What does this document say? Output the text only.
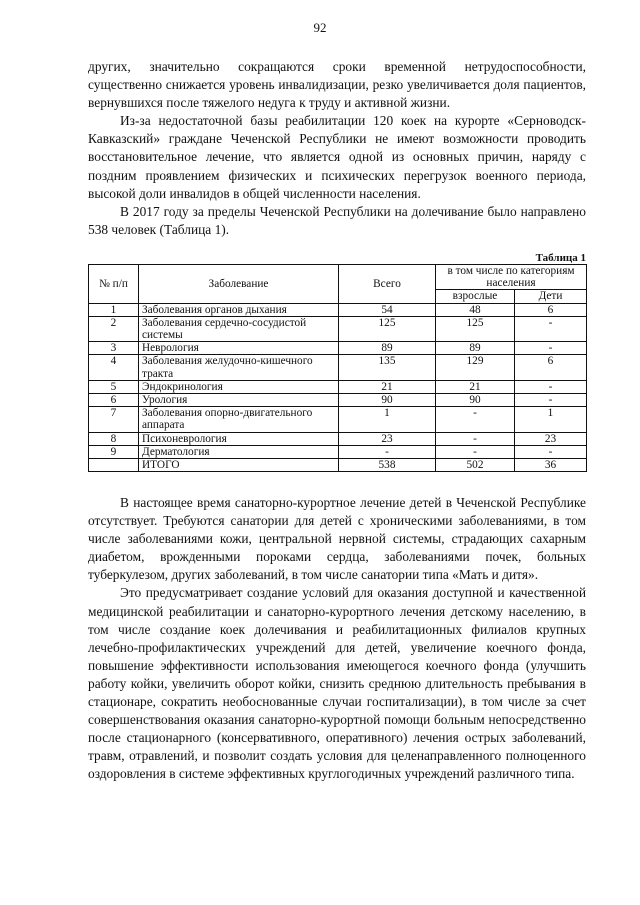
92

других, значительно сокращаются сроки временной нетрудоспособности, существенно снижается уровень инвалидизации, резко увеличивается доля пациентов, вернувшихся после тяжелого недуга к труду и активной жизни.

Из-за недостаточной базы реабилитации 120 коек на курорте «Серноводск-Кавказский» граждане Чеченской Республики не имеют возможности проводить восстановительное лечение, что является одной из основных причин, наряду с поздним проявлением физических и психических перегрузок военного периода, высокой доли инвалидов в общей численности населения.

В 2017 году за пределы Чеченской Республики на долечивание было направлено 538 человек (Таблица 1).

Таблица 1
№ п/п	Заболевание	Всего	в том числе по категориям населения	
			взрослые	Дети
1	Заболевания органов дыхания	54	48	6
2	Заболевания сердечно-сосудистой системы	125	125	-
3	Неврология	89	89	-
4	Заболевания желудочно-кишечного тракта	135	129	6
5	Эндокринология	21	21	-
6	Урология	90	90	-
7	Заболевания опорно-двигательного аппарата	1	-	1
8	Психоневрология	23	-	23
9	Дерматология	-	-	-
	ИТОГО	538	502	36

В настоящее время санаторно-курортное лечение детей в Чеченской Республике отсутствует. Требуются санатории для детей с хроническими заболеваниями, в том числе заболеваниями кожи, центральной нервной системы, страдающих сахарным диабетом, врожденными пороками сердца, заболеваниями почек, больных туберкулезом, других заболеваний, в том числе санатории типа «Мать и дитя».

Это предусматривает создание условий для оказания доступной и качественной медицинской реабилитации и санаторно-курортного лечения детскому населению, в том числе создание коек долечивания и реабилитационных филиалов крупных лечебно-профилактических учреждений для детей, увеличение коечного фонда, повышение эффективности использования имеющегося коечного фонда (улучшить работу койки, увеличить оборот койки, снизить среднюю длительность пребывания в стационаре, сократить необоснованные случаи госпитализации), в том числе за счет совершенствования оказания санаторно-курортной помощи больным непосредственно после стационарного (консервативного, оперативного) лечения острых заболеваний, травм, отравлений, и позволит создать условия для целенаправленного полноценного оздоровления в системе эффективных круглогодичных учреждений различного типа.
